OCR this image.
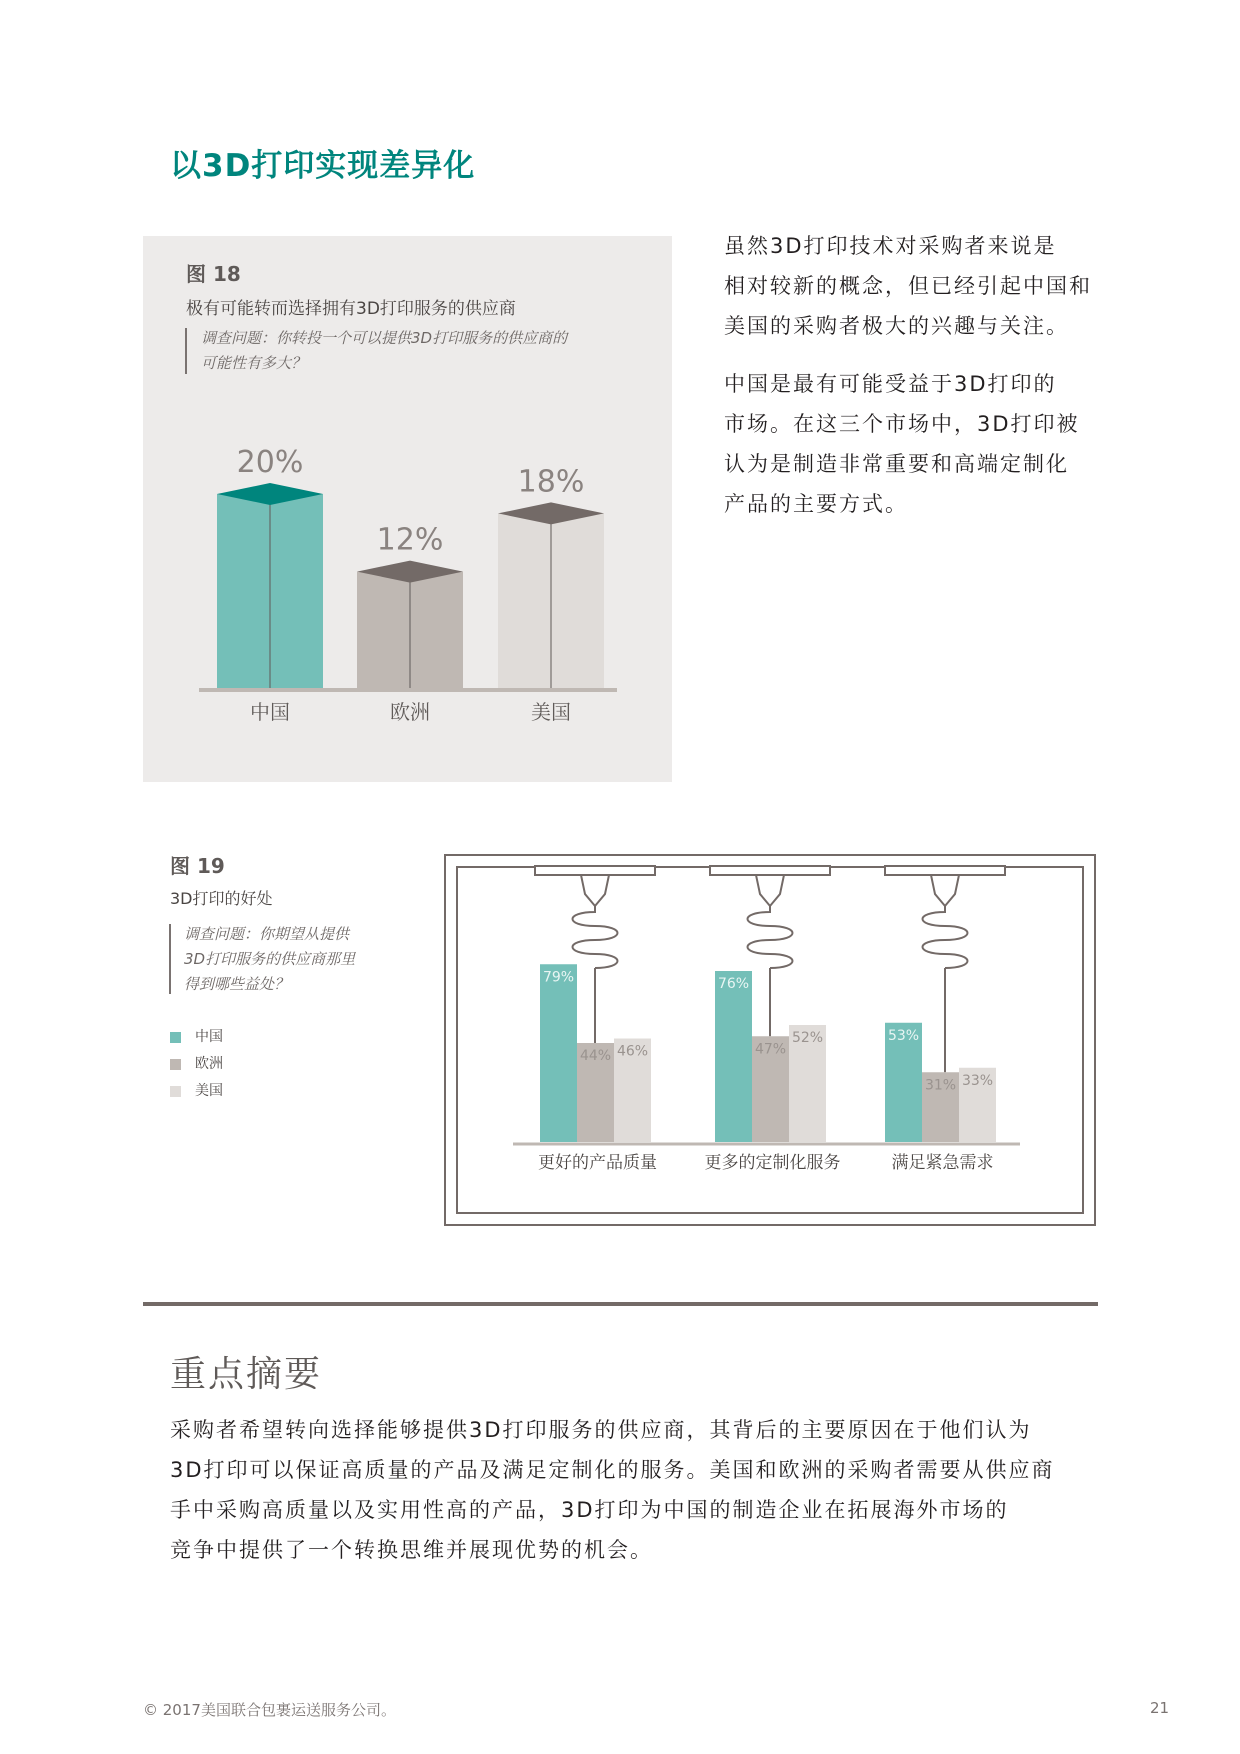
以3D打印实现差异化
图 18
极有可能转而选择拥有3D打印服务的供应商
调查问题：你转投一个可以提供3D打印服务的供应商的
可能性有多大？
20%
中国
12%
欧洲
18%
美国
虽然3D打印技术对采购者来说是
相对较新的概念，但已经引起中国和
美国的采购者极大的兴趣与关注。
中国是最有可能受益于3D打印的
市场。在这三个市场中，3D打印被
认为是制造非常重要和高端定制化
产品的主要方式。
图 19
3D打印的好处
调查问题：你期望从提供
3D打印服务的供应商那里
得到哪些益处？
中国
欧洲
美国
79%
44% 46%
更好的产品质量
76%
47%
52%
更多的定制化服务
53%
31% 33%
满足紧急需求
重点摘要
采购者希望转向选择能够提供3D打印服务的供应商，其背后的主要原因在于他们认为
3D打印可以保证高质量的产品及满足定制化的服务。美国和欧洲的采购者需要从供应商
手中采购高质量以及实用性高的产品，3D打印为中国的制造企业在拓展海外市场的
竞争中提供了一个转换思维并展现优势的机会。
© 2017美国联合包裹运送服务公司。	21
